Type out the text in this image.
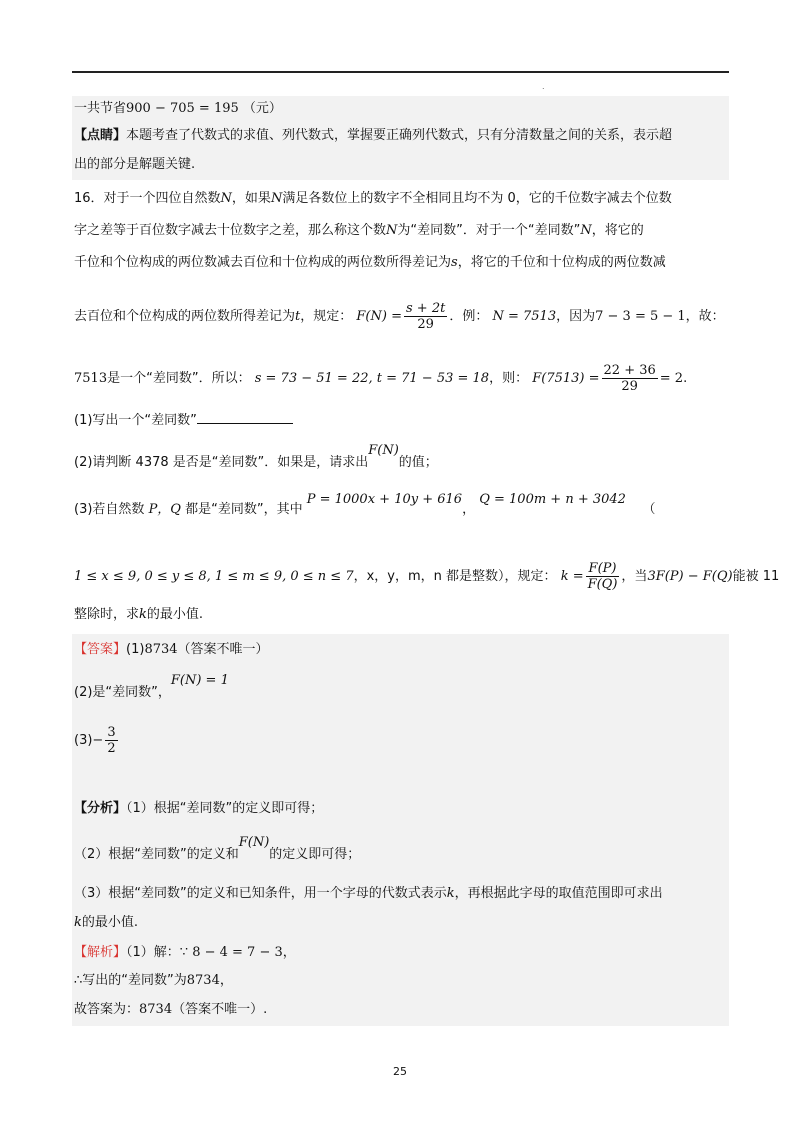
.
一共节省900 − 705 = 195 （元）
【点睛】本题考查了代数式的求值、列代数式，掌握要正确列代数式，只有分清数量之间的关系，表示超
出的部分是解题关键.
16．对于一个四位自然数N，如果N满足各数位上的数字不全相同且均不为 0，它的千位数字减去个位数
字之差等于百位数字减去十位数字之差，那么称这个数N为“差同数”．对于一个“差同数”N，将它的
千位和个位构成的两位数减去百位和十位构成的两位数所得差记为s，将它的千位和十位构成的两位数减
去百位和个位构成的两位数所得差记为t，规定： $F(N) = \frac{s + 2t}{29}$ ．例： N = 7513，因为7 − 3 = 5 − 1，故：
7513是一个“差同数”．所以： s = 73 − 51 = 22, t = 71 − 53 = 18，则： $F(7513) = \frac{22 + 36}{29} = 2$.
(1)写出一个“差同数”
(2)请判断 4378 是否是“差同数”．如果是，请求出F(N)的值；
(3)若自然数 P，Q 都是“差同数”，其中 P = 1000x + 10y + 616， Q = 100m + n + 3042    （
1 ≤ x ≤ 9, 0 ≤ y ≤ 8, 1 ≤ m ≤ 9, 0 ≤ n ≤ 7，x，y，m，n 都是整数），规定： $k = \frac{F(P)}{F(Q)}$ ，当3F(P) − F(Q)能被 11
整除时，求k的最小值.
【答案】(1)8734（答案不唯一）
(2)是“差同数”，F(N) = 1
$(3)- \frac{3}{2}$
【分析】（1）根据“差同数”的定义即可得；
（2）根据“差同数”的定义和F(N)的定义即可得；
（3）根据“差同数”的定义和已知条件，用一个字母的代数式表示k，再根据此字母的取值范围即可求出
k的最小值.
【解析】（1）解：∵ 8 − 4 = 7 − 3，
∴写出的“差同数”为8734，
故答案为：8734（答案不唯一）.
25
